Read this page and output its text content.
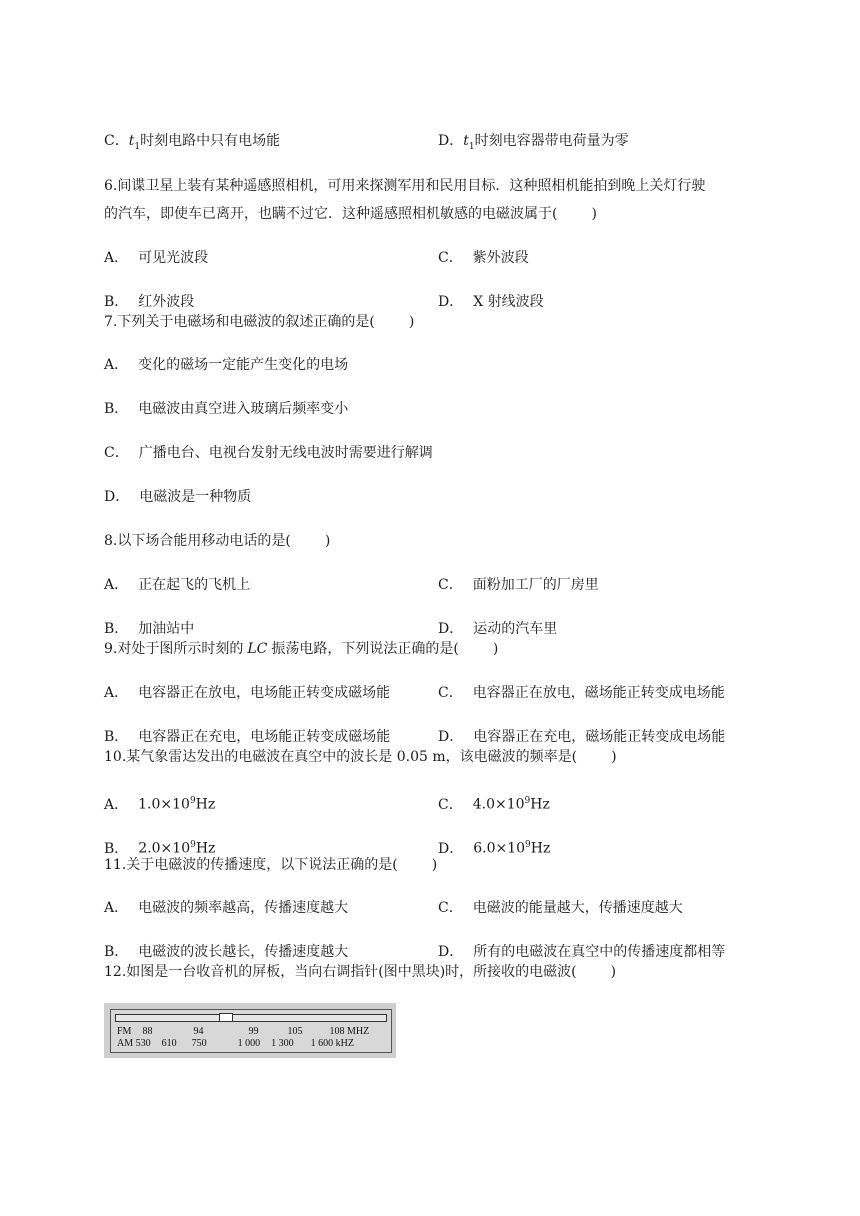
C．$t_1$时刻电路中只有电场能	D．$t_1$时刻电容器带电荷量为零
6.间谍卫星上装有某种遥感照相机，可用来探测军用和民用目标．这种照相机能拍到晚上关灯行驶
的汽车，即使车已离开，也瞒不过它．这种遥感照相机敏感的电磁波属于( )
A． 可见光波段	C． 紫外波段
B． 红外波段	D． X 射线波段
7.下列关于电磁场和电磁波的叙述正确的是( )
A． 变化的磁场一定能产生变化的电场
B． 电磁波由真空进入玻璃后频率变小
C． 广播电台、电视台发射无线电波时需要进行解调
D． 电磁波是一种物质
8.以下场合能用移动电话的是( )
A． 正在起飞的飞机上	C． 面粉加工厂的厂房里
B． 加油站中	D． 运动的汽车里
9.对处于图所示时刻的 LC 振荡电路，下列说法正确的是( )
A． 电容器正在放电，电场能正转变成磁场能	C． 电容器正在放电，磁场能正转变成电场能
B． 电容器正在充电，电场能正转变成磁场能	D． 电容器正在充电，磁场能正转变成电场能
10.某气象雷达发出的电磁波在真空中的波长是 0.05 m，该电磁波的频率是( )
A． $1.0\times 10^9Hz$	C． $4.0\times 10^9Hz$
B． $2.0\times 10^9Hz$	D． $6.0\times 10^9Hz$
11.关于电磁波的传播速度，以下说法正确的是( )
A． 电磁波的频率越高，传播速度越大	C． 电磁波的能量越大，传播速度越大
B． 电磁波的波长越长，传播速度越大	D． 所有的电磁波在真空中的传播速度都相等
12.如图是一台收音机的屏板，当向右调指针(图中黑块)时，所接收的电磁波( )
FM 88	94	99	105	108 MHZ
AM 530 610 750	1 000 1 300 1 600 kHZ
